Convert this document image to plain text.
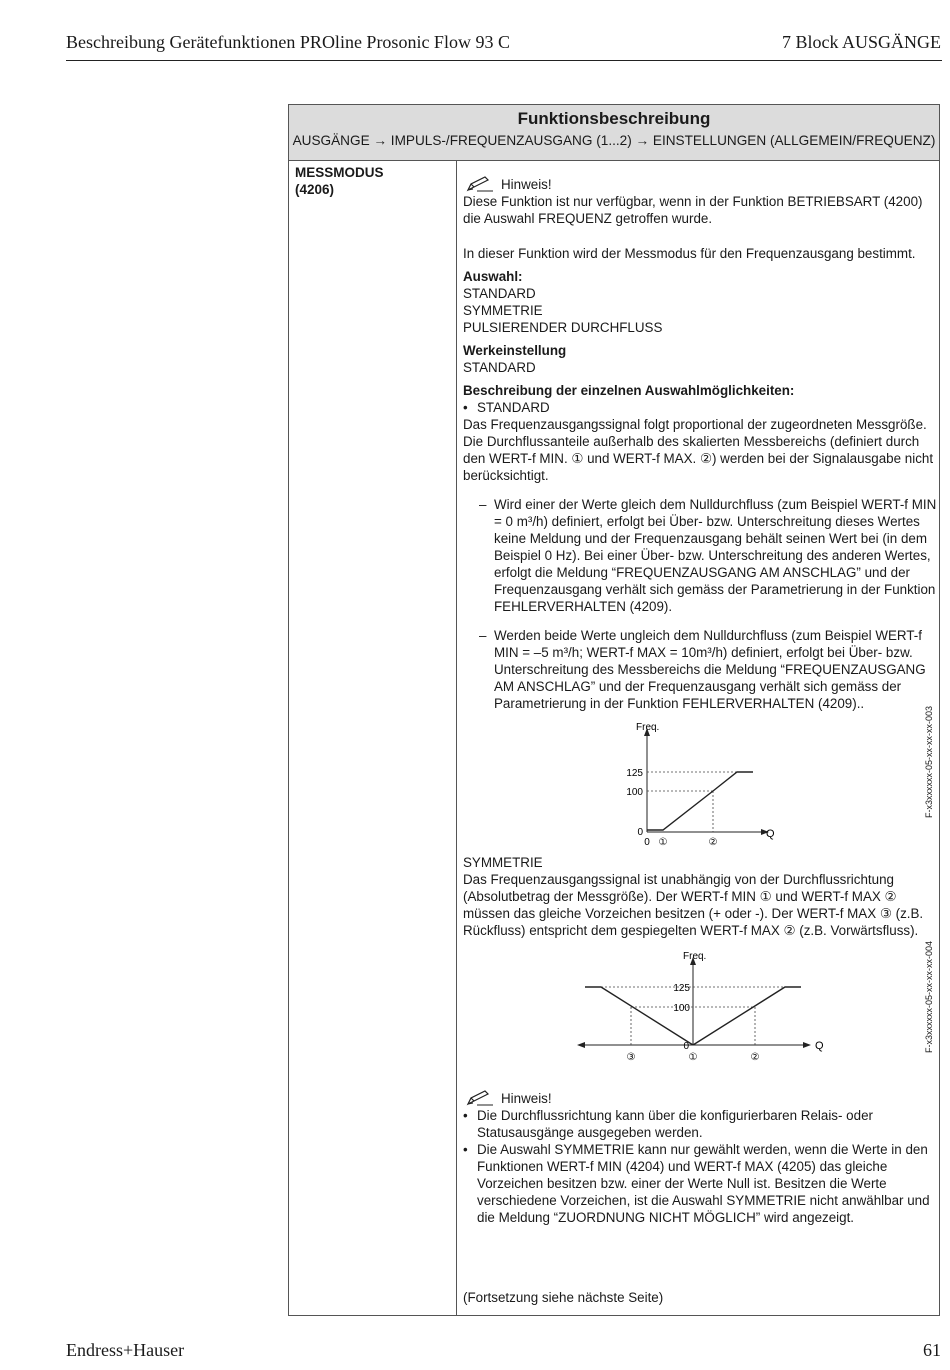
Beschreibung Gerätefunktionen PROline Prosonic Flow 93 C	7 Block AUSGÄNGE
Funktionsbeschreibung
AUSGÄNGE → IMPULS-/FREQUENZAUSGANG (1...2) → EINSTELLUNGEN (ALLGEMEIN/FREQUENZ)
MESSMODUS
(4206)	Hinweis!

Diese Funktion ist nur verfügbar, wenn in der Funktion BETRIEBSART (4200) die Auswahl FREQUENZ getroffen wurde.

In dieser Funktion wird der Messmodus für den Frequenzausgang bestimmt.

Auswahl:

STANDARD

SYMMETRIE

PULSIERENDER DURCHFLUSS

Werkeinstellung

STANDARD

Beschreibung der einzelnen Auswahlmöglichkeiten:

• STANDARD

Das Frequenzausgangssignal folgt proportional der zugeordneten Messgröße. Die Durchflussanteile außerhalb des skalierten Messbereichs (definiert durch den WERT-f MIN. ① und WERT-f MAX. ②) werden bei der Signalausgabe nicht berücksichtigt.

– Wird einer der Werte gleich dem Nulldurchfluss (zum Beispiel WERT-f MIN = 0 m³/h) definiert, erfolgt bei Über- bzw. Unterschreitung dieses Wertes keine Meldung und der Frequenzausgang behält seinen Wert bei (in dem Beispiel 0 Hz). Bei einer Über- bzw. Unterschreitung des anderen Wertes, erfolgt die Meldung “FREQUENZAUSGANG AM ANSCHLAG” und der Frequenzausgang verhält sich gemäss der Parametrierung in der Funktion FEHLERVERHALTEN (4209).
– Werden beide Werte ungleich dem Nulldurchfluss (zum Beispiel WERT-f MIN = –5 m³/h; WERT-f MAX = 10m³/h) definiert, erfolgt bei Über- bzw. Unterschreitung des Messbereichs die Meldung “FREQUENZAUSGANG AM ANSCHLAG” und der Frequenzausgang verhält sich gemäss der Parametrierung in der Funktion FEHLERVERHALTEN (4209)..
Freq.
125
100
0
0 ①	②
Q
F-x3xxxxxx-05-xx-xx-xx-003

SYMMETRIE

Das Frequenzausgangssignal ist unabhängig von der Durchflussrichtung (Absolutbetrag der Messgröße). Der WERT-f MIN ① und WERT-f MAX ② müssen das gleiche Vorzeichen besitzen (+ oder -). Der WERT-f MAX ③ (z.B. Rückfluss) entspricht dem gespiegelten WERT-f MAX ② (z.B. Vorwärtsfluss).

Freq.
125
100
0
③	①	②
Q	F-x3xxxxxx-05-xx-xx-xx-004
Hinweis!
• Die Durchflussrichtung kann über die konfigurierbaren Relais- oder Statusausgänge ausgegeben werden.
• Die Auswahl SYMMETRIE kann nur gewählt werden, wenn die Werte in den Funktionen WERT-f MIN (4204) und WERT-f MAX (4205) das gleiche Vorzeichen besitzen bzw. einer der Werte Null ist. Besitzen die Werte verschiedene Vorzeichen, ist die Auswahl SYMMETRIE nicht anwählbar und die Meldung “ZUORDNUNG NICHT MÖGLICH” wird angezeigt.
(Fortsetzung siehe nächste Seite)
Endress+Hauser	61
